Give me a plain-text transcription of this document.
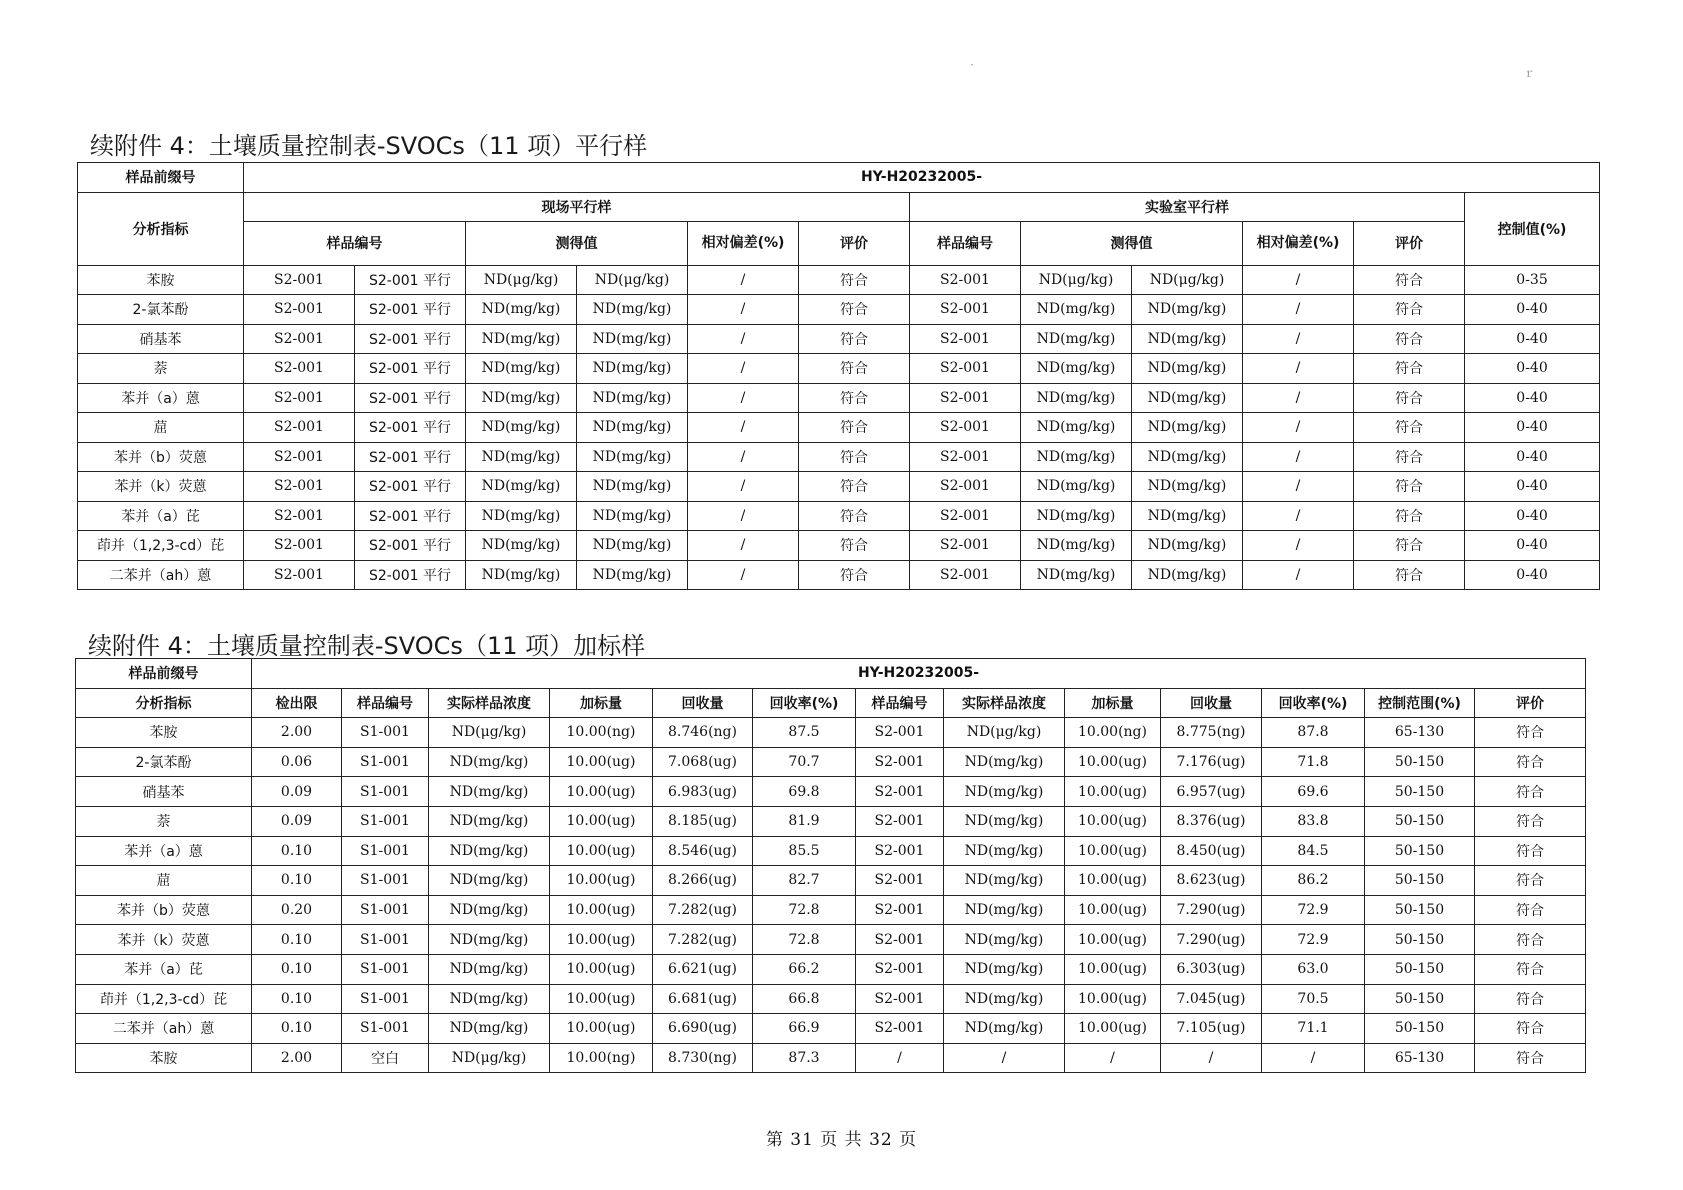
·
ｒ
续附件 4：土壤质量控制表-SVOCs（11 项）平行样
样品前缀号	HY-H20232005-											
分析指标	现场平行样						实验室平行样					控制值(%)
	样品编号		测得值		相对偏差(%)	评价	样品编号	测得值		相对偏差(%)	评价	
苯胺	S2-001	S2-001 平行	ND(μg/kg)	ND(μg/kg)	/	符合	S2-001	ND(μg/kg)	ND(μg/kg)	/	符合	0-35
2-氯苯酚	S2-001	S2-001 平行	ND(mg/kg)	ND(mg/kg)	/	符合	S2-001	ND(mg/kg)	ND(mg/kg)	/	符合	0-40
硝基苯	S2-001	S2-001 平行	ND(mg/kg)	ND(mg/kg)	/	符合	S2-001	ND(mg/kg)	ND(mg/kg)	/	符合	0-40
萘	S2-001	S2-001 平行	ND(mg/kg)	ND(mg/kg)	/	符合	S2-001	ND(mg/kg)	ND(mg/kg)	/	符合	0-40
苯并（a）蒽	S2-001	S2-001 平行	ND(mg/kg)	ND(mg/kg)	/	符合	S2-001	ND(mg/kg)	ND(mg/kg)	/	符合	0-40
䓛	S2-001	S2-001 平行	ND(mg/kg)	ND(mg/kg)	/	符合	S2-001	ND(mg/kg)	ND(mg/kg)	/	符合	0-40
苯并（b）荧蒽	S2-001	S2-001 平行	ND(mg/kg)	ND(mg/kg)	/	符合	S2-001	ND(mg/kg)	ND(mg/kg)	/	符合	0-40
苯并（k）荧蒽	S2-001	S2-001 平行	ND(mg/kg)	ND(mg/kg)	/	符合	S2-001	ND(mg/kg)	ND(mg/kg)	/	符合	0-40
苯并（a）芘	S2-001	S2-001 平行	ND(mg/kg)	ND(mg/kg)	/	符合	S2-001	ND(mg/kg)	ND(mg/kg)	/	符合	0-40
茚并（1,2,3-cd）芘	S2-001	S2-001 平行	ND(mg/kg)	ND(mg/kg)	/	符合	S2-001	ND(mg/kg)	ND(mg/kg)	/	符合	0-40
二苯并（ah）蒽	S2-001	S2-001 平行	ND(mg/kg)	ND(mg/kg)	/	符合	S2-001	ND(mg/kg)	ND(mg/kg)	/	符合	0-40
续附件 4：土壤质量控制表-SVOCs（11 项）加标样
样品前缀号	HY-H20232005-												
分析指标	检出限	样品编号	实际样品浓度	加标量	回收量	回收率(%)	样品编号	实际样品浓度	加标量	回收量	回收率(%)	控制范围(%)	评价
苯胺	2.00	S1-001	ND(μg/kg)	10.00(ng)	8.746(ng)	87.5	S2-001	ND(μg/kg)	10.00(ng)	8.775(ng)	87.8	65-130	符合
2-氯苯酚	0.06	S1-001	ND(mg/kg)	10.00(ug)	7.068(ug)	70.7	S2-001	ND(mg/kg)	10.00(ug)	7.176(ug)	71.8	50-150	符合
硝基苯	0.09	S1-001	ND(mg/kg)	10.00(ug)	6.983(ug)	69.8	S2-001	ND(mg/kg)	10.00(ug)	6.957(ug)	69.6	50-150	符合
萘	0.09	S1-001	ND(mg/kg)	10.00(ug)	8.185(ug)	81.9	S2-001	ND(mg/kg)	10.00(ug)	8.376(ug)	83.8	50-150	符合
苯并（a）蒽	0.10	S1-001	ND(mg/kg)	10.00(ug)	8.546(ug)	85.5	S2-001	ND(mg/kg)	10.00(ug)	8.450(ug)	84.5	50-150	符合
䓛	0.10	S1-001	ND(mg/kg)	10.00(ug)	8.266(ug)	82.7	S2-001	ND(mg/kg)	10.00(ug)	8.623(ug)	86.2	50-150	符合
苯并（b）荧蒽	0.20	S1-001	ND(mg/kg)	10.00(ug)	7.282(ug)	72.8	S2-001	ND(mg/kg)	10.00(ug)	7.290(ug)	72.9	50-150	符合
苯并（k）荧蒽	0.10	S1-001	ND(mg/kg)	10.00(ug)	7.282(ug)	72.8	S2-001	ND(mg/kg)	10.00(ug)	7.290(ug)	72.9	50-150	符合
苯并（a）芘	0.10	S1-001	ND(mg/kg)	10.00(ug)	6.621(ug)	66.2	S2-001	ND(mg/kg)	10.00(ug)	6.303(ug)	63.0	50-150	符合
茚并（1,2,3-cd）芘	0.10	S1-001	ND(mg/kg)	10.00(ug)	6.681(ug)	66.8	S2-001	ND(mg/kg)	10.00(ug)	7.045(ug)	70.5	50-150	符合
二苯并（ah）蒽	0.10	S1-001	ND(mg/kg)	10.00(ug)	6.690(ug)	66.9	S2-001	ND(mg/kg)	10.00(ug)	7.105(ug)	71.1	50-150	符合
苯胺	2.00	空白	ND(μg/kg)	10.00(ng)	8.730(ng)	87.3	/	/	/	/	/	65-130	符合
第 31 页 共 32 页
